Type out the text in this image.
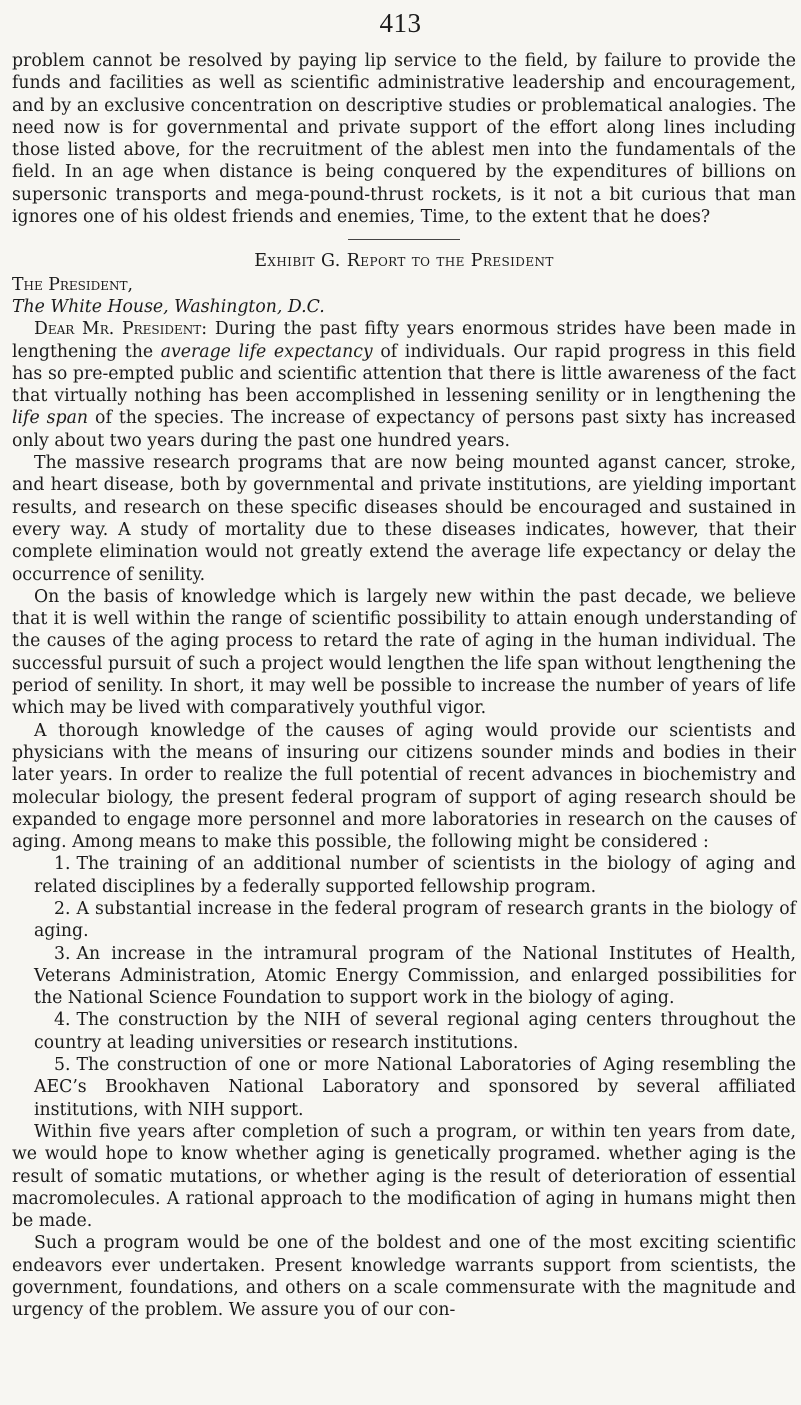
413

problem cannot be resolved by paying lip service to the field, by failure to provide the funds and facilities as well as scientific administrative leadership and encouragement, and by an exclusive concentration on descriptive studies or problematical analogies. The need now is for governmental and private support of the effort along lines including those listed above, for the recruitment of the ablest men into the fundamentals of the field. In an age when distance is being conquered by the expenditures of billions on supersonic transports and mega-pound-thrust rockets, is it not a bit curious that man ignores one of his oldest friends and enemies, Time, to the extent that he does?

Exhibit G. Report to the President

The President,

The White House, Washington, D.C.

Dear Mr. President: During the past fifty years enormous strides have been made in lengthening the average life expectancy of individuals. Our rapid progress in this field has so pre-empted public and scientific attention that there is little awareness of the fact that virtually nothing has been accomplished in lessening senility or in lengthening the life span of the species. The increase of expectancy of persons past sixty has increased only about two years during the past one hundred years.

The massive research programs that are now being mounted aganst cancer, stroke, and heart disease, both by governmental and private institutions, are yielding important results, and research on these specific diseases should be encouraged and sustained in every way. A study of mortality due to these diseases indicates, however, that their complete elimination would not greatly extend the average life expectancy or delay the occurrence of senility.

On the basis of knowledge which is largely new within the past decade, we believe that it is well within the range of scientific possibility to attain enough understanding of the causes of the aging process to retard the rate of aging in the human individual. The successful pursuit of such a project would lengthen the life span without lengthening the period of senility. In short, it may well be possible to increase the number of years of life which may be lived with comparatively youthful vigor.

A thorough knowledge of the causes of aging would provide our scientists and physicians with the means of insuring our citizens sounder minds and bodies in their later years. In order to realize the full potential of recent advances in biochemistry and molecular biology, the present federal program of support of aging research should be expanded to engage more personnel and more laboratories in research on the causes of aging. Among means to make this possible, the following might be considered :

1. The training of an additional number of scientists in the biology of aging and related disciplines by a federally supported fellowship program.

2. A substantial increase in the federal program of research grants in the biology of aging.

3. An increase in the intramural program of the National Institutes of Health, Veterans Administration, Atomic Energy Commission, and enlarged possibilities for the National Science Foundation to support work in the biology of aging.

4. The construction by the NIH of several regional aging centers throughout the country at leading universities or research institutions.

5. The construction of one or more National Laboratories of Aging resembling the AEC’s Brookhaven National Laboratory and sponsored by several affiliated institutions, with NIH support.

Within five years after completion of such a program, or within ten years from date, we would hope to know whether aging is genetically programed. whether aging is the result of somatic mutations, or whether aging is the result of deterioration of essential macromolecules. A rational approach to the modification of aging in humans might then be made.

Such a program would be one of the boldest and one of the most exciting scientific endeavors ever undertaken. Present knowledge warrants support from scientists, the government, foundations, and others on a scale commensurate with the magnitude and urgency of the problem. We assure you of our con-
